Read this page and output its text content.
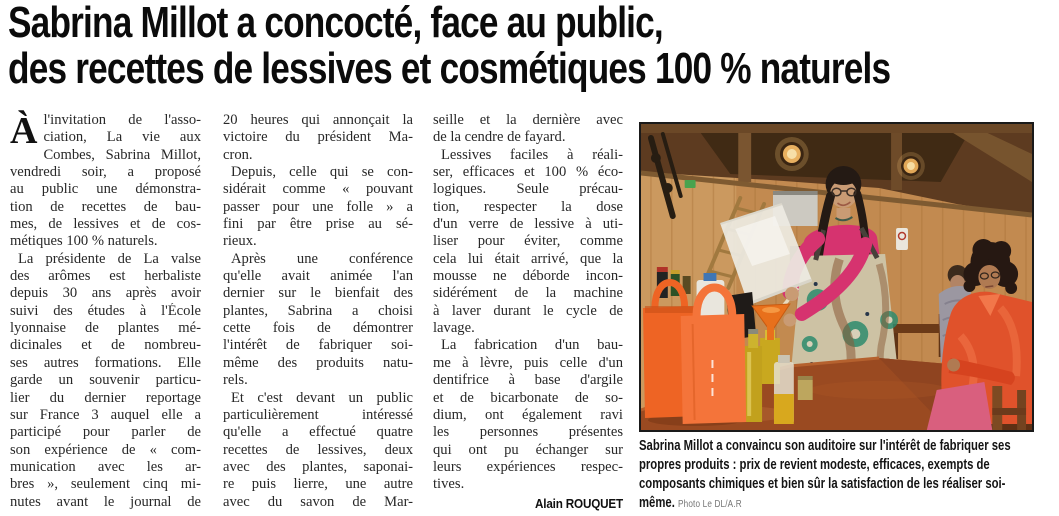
Sabrina Millot a concocté, face au public,
des recettes de lessives et cosmétiques 100 % naturels
À l'invitation de l'asso-
ciation, La vie aux
Combes, Sabrina Millot,
vendredi soir, a proposé
au public une démonstra-
tion de recettes de bau-
mes, de lessives et de cos-
métiques 100 % naturels.
La présidente de La valse
des arômes est herbaliste
depuis 30 ans après avoir
suivi des études à l'École
lyonnaise de plantes mé-
dicinales et de nombreu-
ses autres formations. Elle
garde un souvenir particu-
lier du dernier reportage
sur France 3 auquel elle a
participé pour parler de
son expérience de « com-
munication avec les ar-
bres », seulement cinq mi-
nutes avant le journal de
20 heures qui annonçait la
victoire du président Ma-
cron.
Depuis, celle qui se con-
sidérait comme « pouvant
passer pour une folle » a
fini par être prise au sé-
rieux.
Après une conférence
qu'elle avait animée l'an
dernier sur le bienfait des
plantes, Sabrina a choisi
cette fois de démontrer
l'intérêt de fabriquer soi-
même des produits natu-
rels.
Et c'est devant un public
particulièrement intéressé
qu'elle a effectué quatre
recettes de lessives, deux
avec des plantes, saponai-
re puis lierre, une autre
avec du savon de Mar-
seille et la dernière avec
de la cendre de fayard.
Lessives faciles à réali-
ser, efficaces et 100 % éco-
logiques. Seule précau-
tion, respecter la dose
d'un verre de lessive à uti-
liser pour éviter, comme
cela lui était arrivé, que la
mousse ne déborde incon-
sidérément de la machine
à laver durant le cycle de
lavage.
La fabrication d'un bau-
me à lèvre, puis celle d'un
dentifrice à base d'argile
et de bicarbonate de so-
dium, ont également ravi
les personnes présentes
qui ont pu échanger sur
leurs expériences respec-
tives.
Alain ROUQUET
Sabrina Millot a convaincu son auditoire sur l'intérêt de fabriquer ses propres produits : prix de revient modeste, efficaces, exempts de composants chimiques et bien sûr la satisfaction de les réaliser soi-même. Photo Le DL/A.R
